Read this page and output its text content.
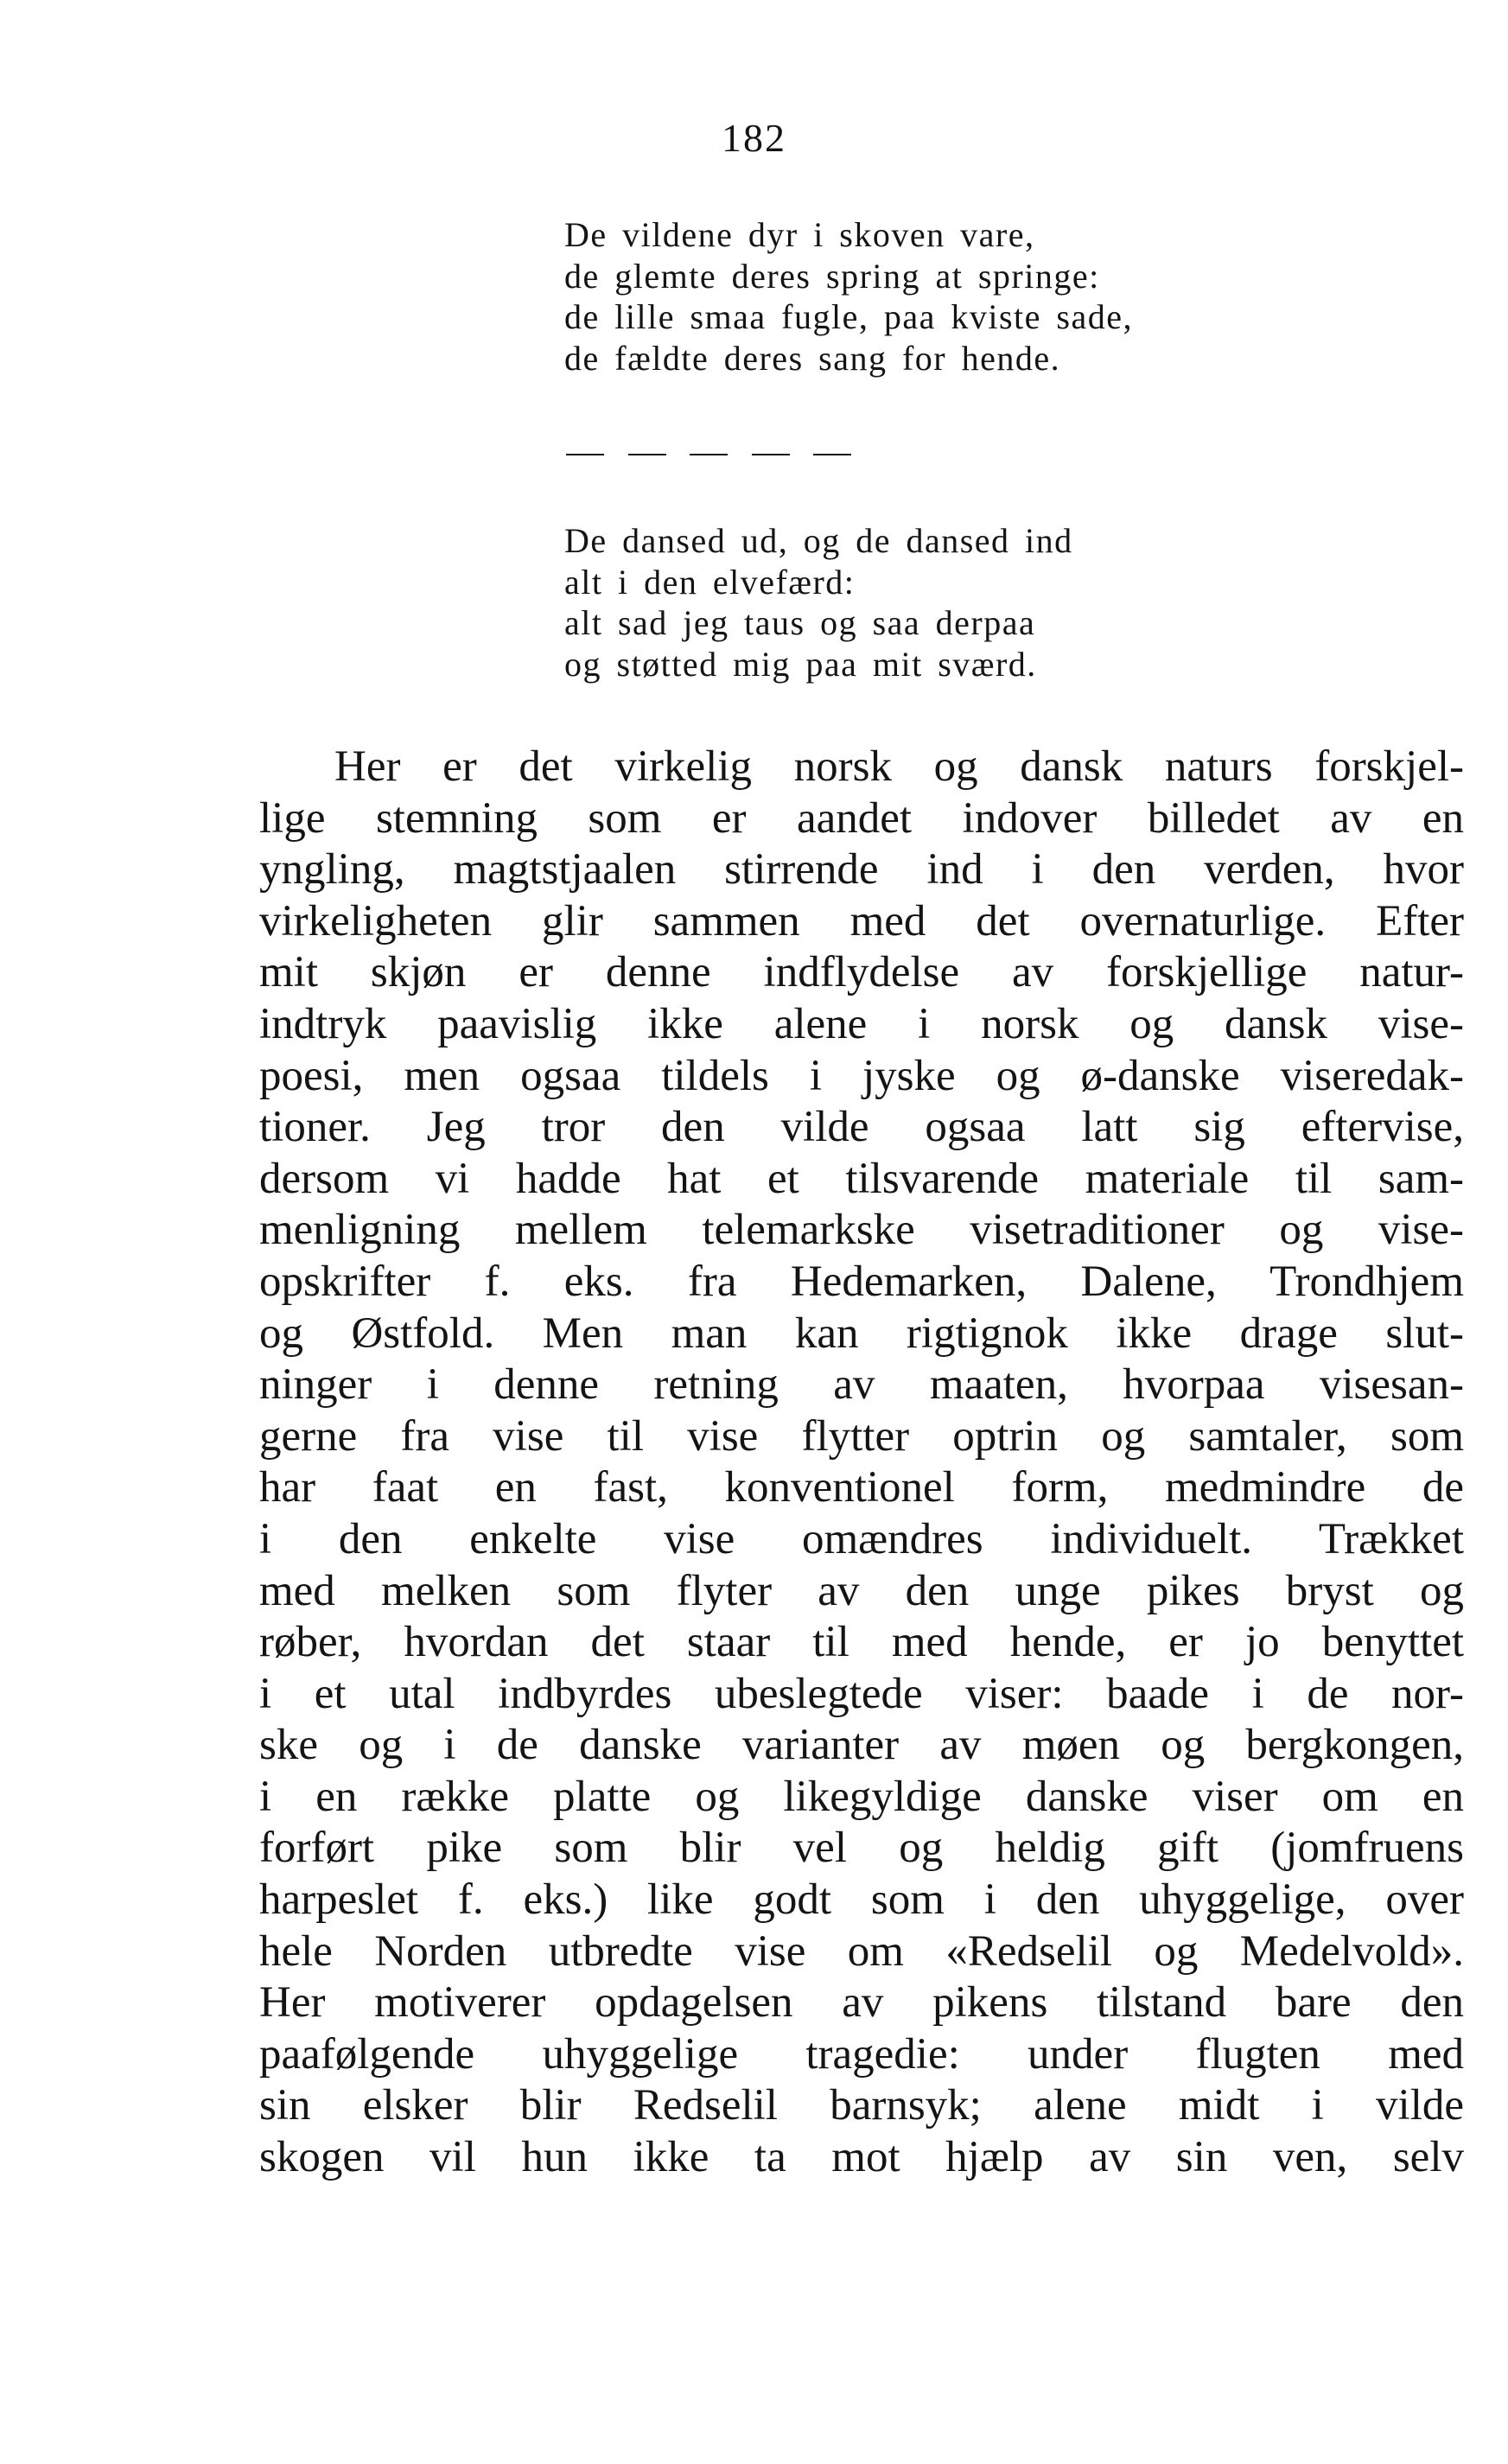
182
De vildene dyr i skoven vare,
de glemte deres spring at springe:
de lille smaa fugle, paa kviste sade,
de fældte deres sang for hende.
De dansed ud, og de dansed ind
alt i den elvefærd:
alt sad jeg taus og saa derpaa
og støtted mig paa mit sværd.
Her er det virkelig norsk og dansk naturs forskjel-
lige stemning som er aandet indover billedet av en
yngling, magtstjaalen stirrende ind i den verden, hvor
virkeligheten glir sammen med det overnaturlige. Efter
mit skjøn er denne indflydelse av forskjellige natur-
indtryk paavislig ikke alene i norsk og dansk vise-
poesi, men ogsaa tildels i jyske og ø-danske viseredak-
tioner. Jeg tror den vilde ogsaa latt sig eftervise,
dersom vi hadde hat et tilsvarende materiale til sam-
menligning mellem telemarkske visetraditioner og vise-
opskrifter f. eks. fra Hedemarken, Dalene, Trondhjem
og Østfold. Men man kan rigtignok ikke drage slut-
ninger i denne retning av maaten, hvorpaa visesan-
gerne fra vise til vise flytter optrin og samtaler, som
har faat en fast, konventionel form, medmindre de
i den enkelte vise omændres individuelt. Trækket
med melken som flyter av den unge pikes bryst og
røber, hvordan det staar til med hende, er jo benyttet
i et utal indbyrdes ubeslegtede viser: baade i de nor-
ske og i de danske varianter av møen og bergkongen,
i en række platte og likegyldige danske viser om en
forført pike som blir vel og heldig gift (jomfruens
harpeslet f. eks.) like godt som i den uhyggelige, over
hele Norden utbredte vise om «Redselil og Medelvold».
Her motiverer opdagelsen av pikens tilstand bare den
paafølgende uhyggelige tragedie: under flugten med
sin elsker blir Redselil barnsyk; alene midt i vilde
skogen vil hun ikke ta mot hjælp av sin ven, selv
